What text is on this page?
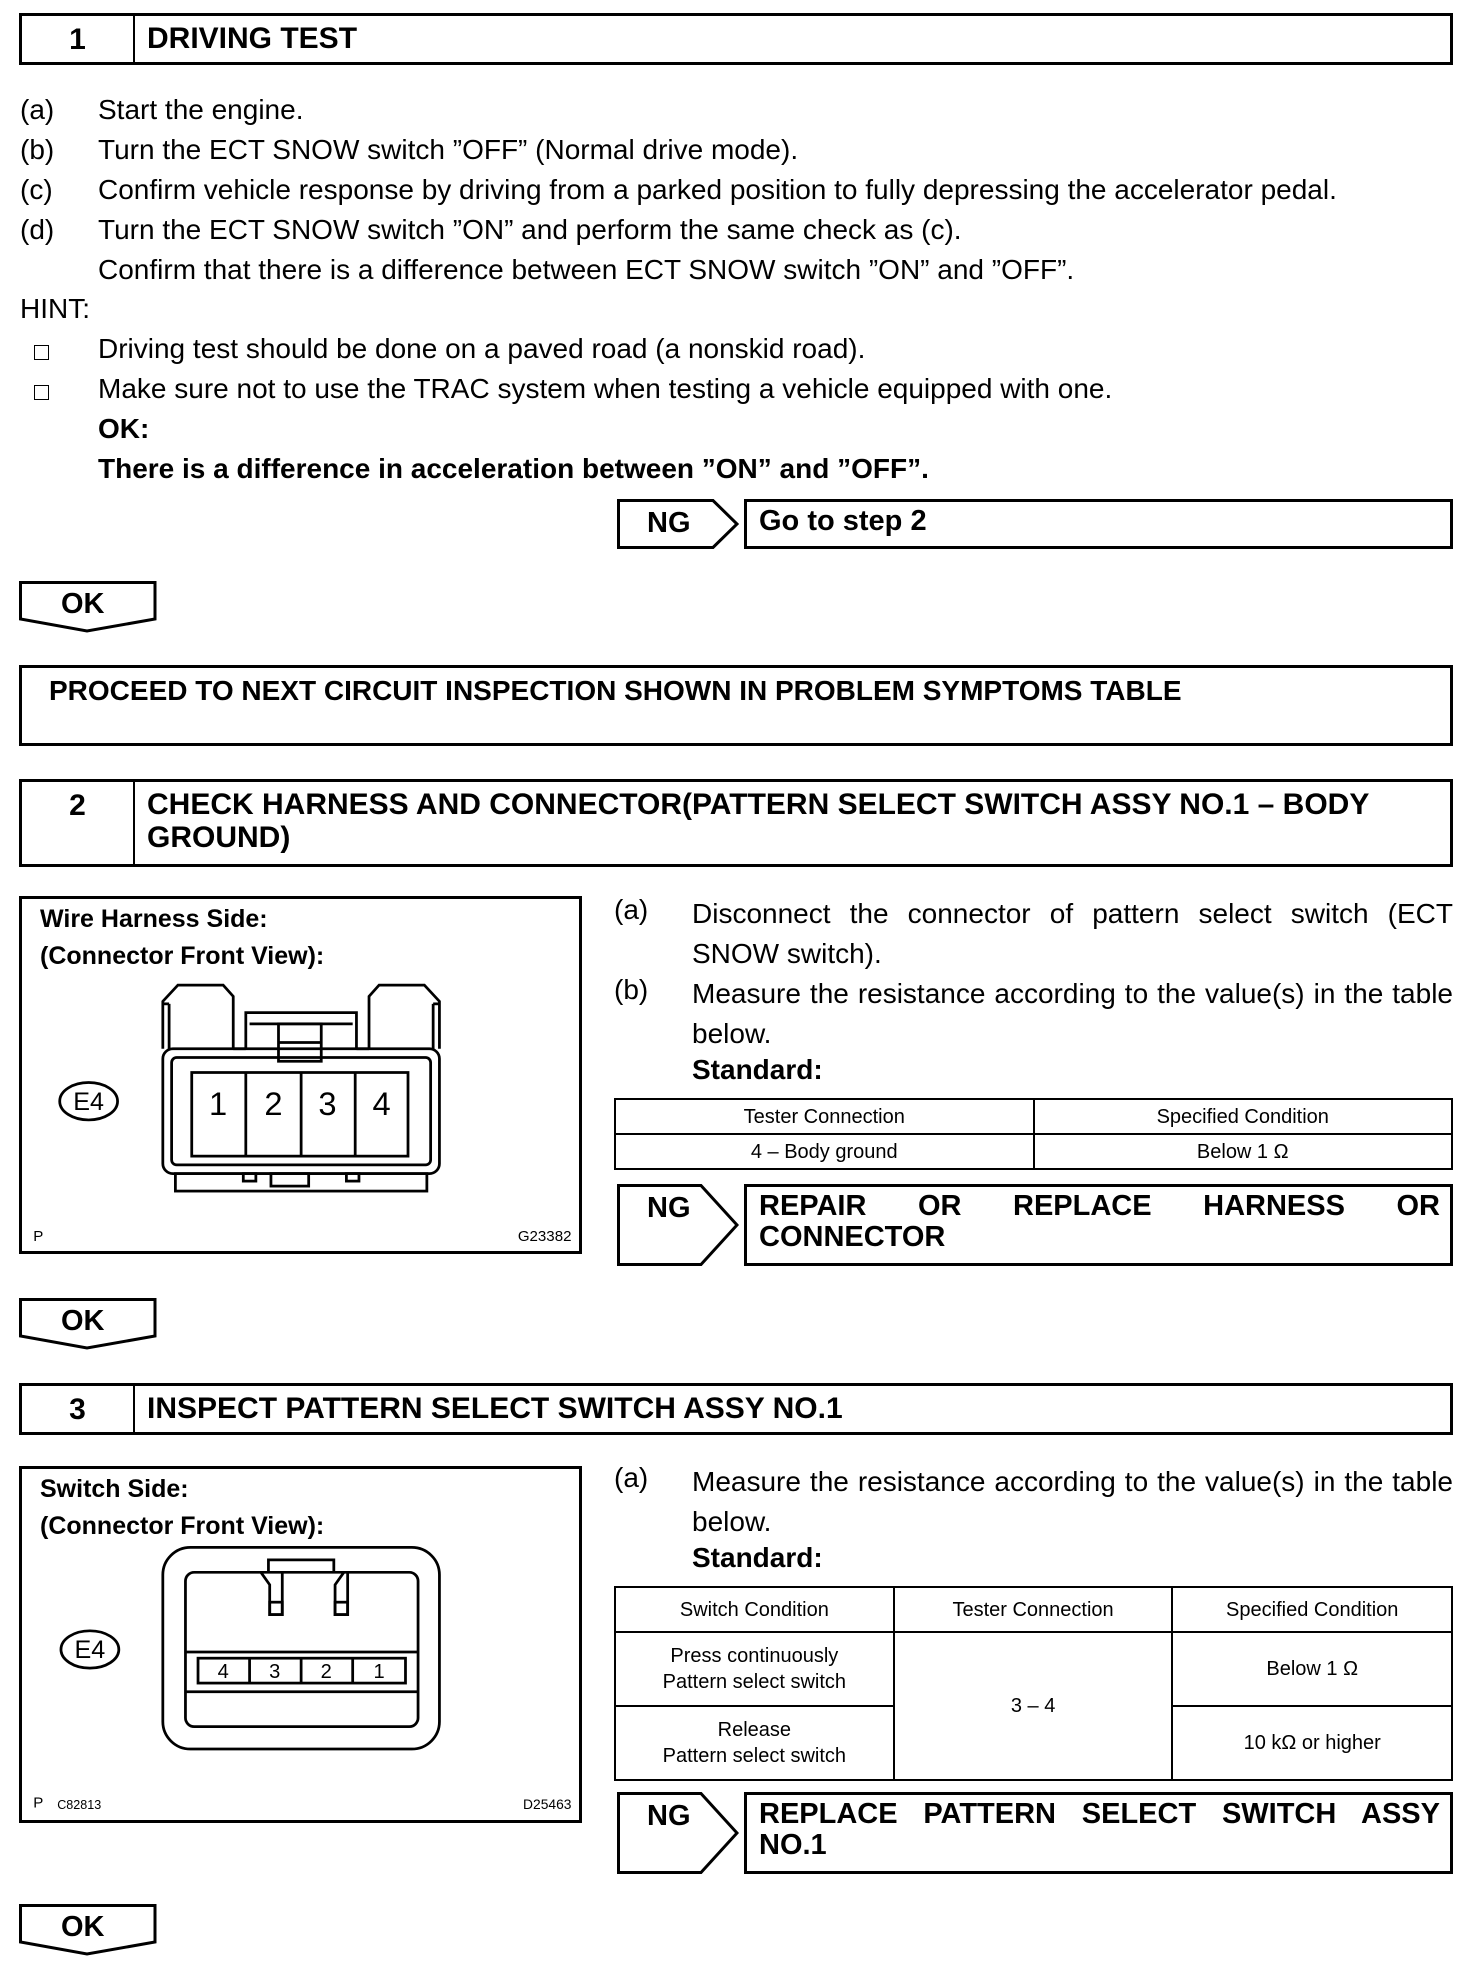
1	DRIVING TEST
(a) Start the engine.
(b) Turn the ECT SNOW switch ”OFF” (Normal drive mode).
(c) Confirm vehicle response by driving from a parked position to fully depressing the accelerator pedal.
(d) Turn the ECT SNOW switch ”ON” and perform the same check as (c).
Confirm that there is a difference between ECT SNOW switch ”ON” and ”OFF”.
HINT:
Driving test should be done on a paved road (a nonskid road).
Make sure not to use the TRAC system when testing a vehicle equipped with one.
OK:
There is a difference in acceleration between ”ON” and ”OFF”.
NG	Go to step 2
OK
PROCEED TO NEXT CIRCUIT INSPECTION SHOWN IN PROBLEM SYMPTOMS TABLE
2	CHECK HARNESS AND CONNECTOR(PATTERN SELECT SWITCH ASSY NO.1 – BODY GROUND)
Wire Harness Side:
(Connector Front View):
1 2 3 4
E4
P	G23382
(a) Disconnect the connector of pattern select switch (ECT SNOW switch).
(b) Measure the resistance according to the value(s) in the table below.
Standard:
Tester Connection	Specified Condition
4 – Body ground	Below 1 Ω
NG	REPAIR OR REPLACE HARNESS OR CONNECTOR
OK
3	INSPECT PATTERN SELECT SWITCH ASSY NO.1
Switch Side:
(Connector Front View):
4	3	2	1
E4
P C82813	D25463
(a) Measure the resistance according to the value(s) in the table below.
Standard:
Switch Condition	Tester Connection	Specified Condition

Press continuously
Pattern select switch	3 – 4	Below 1 Ω

Release
Pattern select switch		10 kΩ or higher
NG	REPLACE PATTERN SELECT SWITCH ASSY NO.1
OK
